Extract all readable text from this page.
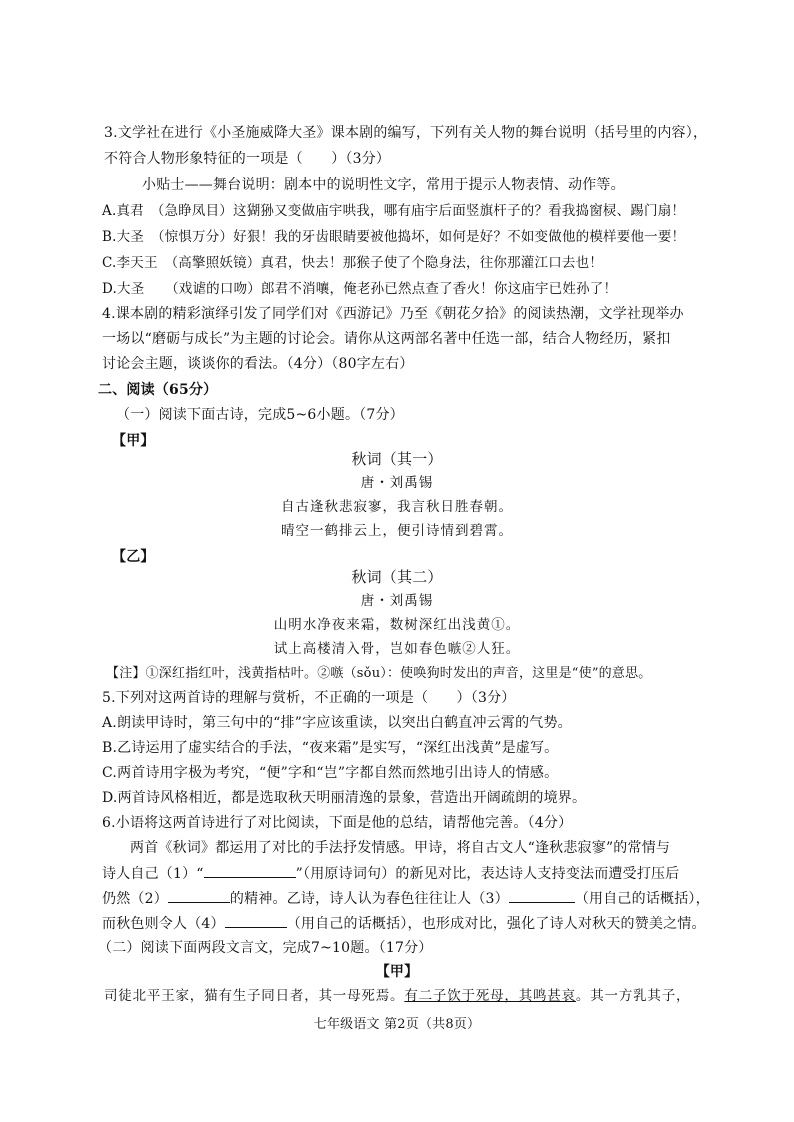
3.文学社在进行《小圣施威降大圣》课本剧的编写，下列有关人物的舞台说明（括号里的内容），
不符合人物形象特征的一项是（　　）（3分）
小贴士——舞台说明：剧本中的说明性文字，常用于提示人物表情、动作等。
A.真君　（急睁凤目）这猢狲又变做庙宇哄我，哪有庙宇后面竖旗杆子的？看我捣窗棂、踢门扇！
B.大圣　（惊惧万分）好狠！我的牙齿眼睛要被他捣坏，如何是好？不如变做他的模样要他一要！
C.李天王　（高擎照妖镜）真君，快去！那猴子使了个隐身法，往你那灌江口去也！
D.大圣　　（戏谑的口吻）郎君不消嚷，俺老孙已然点查了香火！你这庙宇已姓孙了！
4.课本剧的精彩演绎引发了同学们对《西游记》乃至《朝花夕拾》的阅读热潮，文学社现举办
一场以“磨砺与成长”为主题的讨论会。请你从这两部名著中任选一部，结合人物经历，紧扣
讨论会主题，谈谈你的看法。（4分）（80字左右）
二、阅读（65分）
（一）阅读下面古诗，完成5~6小题。（7分）
【甲】
秋词（其一）
唐・刘禹锡
自古逢秋悲寂寥，我言秋日胜春朝。
晴空一鹤排云上，便引诗情到碧霄。
【乙】
秋词（其二）
唐・刘禹锡
山明水净夜来霜，数树深红出浅黄①。
试上高楼清入骨，岂如春色嗾②人狂。
【注】①深红指红叶，浅黄指枯叶。②嗾（sǒu）：使唤狗时发出的声音，这里是“使”的意思。
5.下列对这两首诗的理解与赏析，不正确的一项是（　　）（3分）
A.朗读甲诗时，第三句中的“排”字应该重读，以突出白鹤直冲云霄的气势。
B.乙诗运用了虚实结合的手法，“夜来霜”是实写，“深红出浅黄”是虚写。
C.两首诗用字极为考究，“便”字和“岂”字都自然而然地引出诗人的情感。
D.两首诗风格相近，都是选取秋天明丽清逸的景象，营造出开阔疏朗的境界。
6.小语将这两首诗进行了对比阅读，下面是他的总结，请帮他完善。（4分）
两首《秋词》都运用了对比的手法抒发情感。甲诗，将自古文人“逢秋悲寂寥”的常情与
诗人自己（1）“	”（用原诗词句）的新见对比，表达诗人支持变法而遭受打压后
仍然（2）	的精神。乙诗，诗人认为春色往往让人（3）	（用自己的话概括），
而秋色则令人（4）	（用自己的话概括），也形成对比，强化了诗人对秋天的赞美之情。
（二）阅读下面两段文言文，完成7~10题。（17分）
【甲】
司徒北平王家，猫有生子同日者，其一母死焉。有二子饮于死母，其鸣甚哀。其一方乳其子，
七年级语文 第2页（共8页）
